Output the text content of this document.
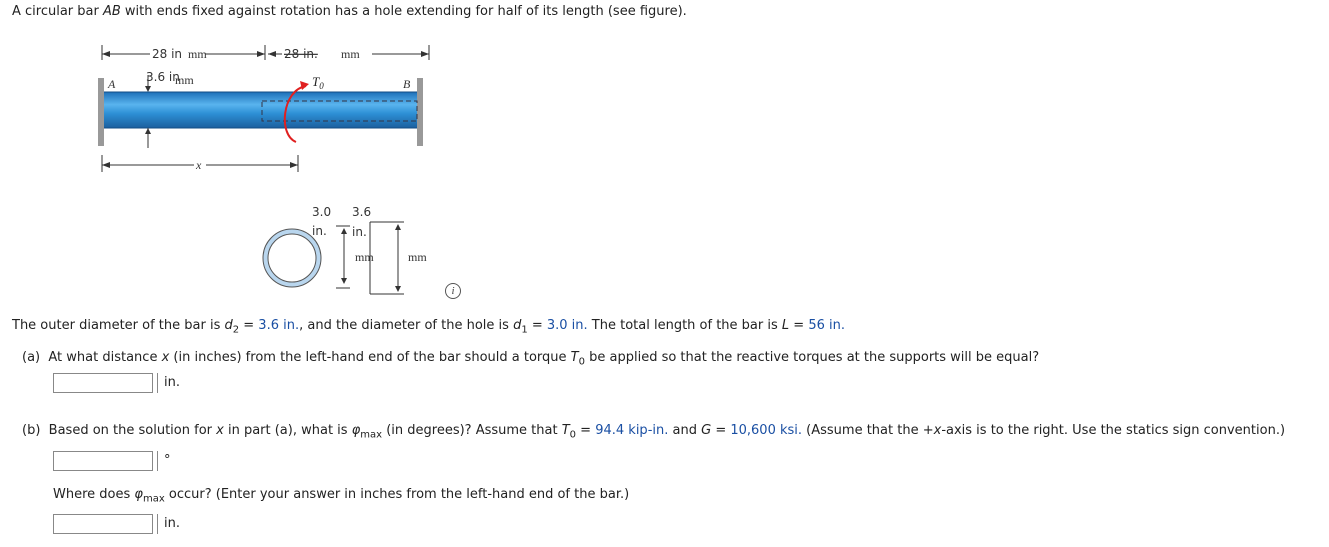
A circular bar AB with ends fixed against rotation has a hole extending for half of its length (see figure).
28 in mm	28 in. mm
3.6 in
mm
A	B
$T_0$
x
3.0 3.6
in. in.
mm	mm
i
The outer diameter of the bar is $d_2 = 3.6$ in., and the diameter of the hole is $d_1 = 3.0$ in. The total length of the bar is L = 56 in.
(a) At what distance x (in inches) from the left-hand end of the bar should a torque $T_0$ be applied so that the reactive torques at the supports will be equal?
in.
(b) Based on the solution for x in part (a), what is $\varphi_{max}$ (in degrees)? Assume that $T_0 = 94.4$ kip-in. and G = 10,600 ksi. (Assume that the +x-axis is to the right. Use the statics sign convention.)
°
Where does $\varphi_{max}$ occur? (Enter your answer in inches from the left-hand end of the bar.)
in.
